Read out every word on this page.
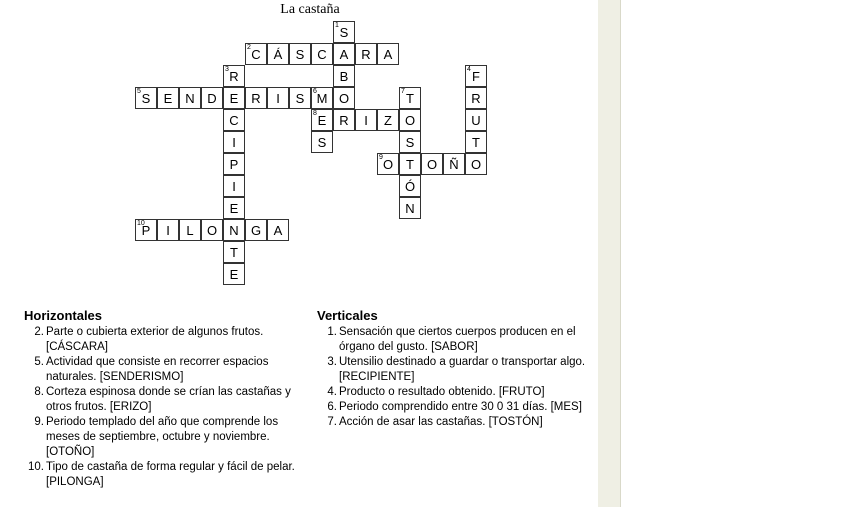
La castaña
1 S
2 C Á	S C A R A
3 R	B	4 F
5 S	E N D E R	I	S	6 M O	7 T	R
C	8 E R	I	Z O	U
I	S	S	T
P	9 O T O Ñ O
I	Ó
E	N
10
P	I	L	O N G A
T
E
Horizontales
2. Parte o cubierta exterior de algunos frutos. [CÁSCARA]
5. Actividad que consiste en recorrer espacios naturales. [SENDERISMO]
8. Corteza espinosa donde se crían las castañas y otros frutos. [ERIZO]
9. Periodo templado del año que comprende los meses de septiembre, octubre y noviembre. [OTOÑO]
10. Tipo de castaña de forma regular y fácil de pelar. [PILONGA]
Verticales
1. Sensación que ciertos cuerpos producen en el órgano del gusto. [SABOR]
3. Utensilio destinado a guardar o transportar algo. [RECIPIENTE]
4. Producto o resultado obtenido. [FRUTO]
6. Periodo comprendido entre 30 0 31 días. [MES]
7. Acción de asar las castañas. [TOSTÓN]
